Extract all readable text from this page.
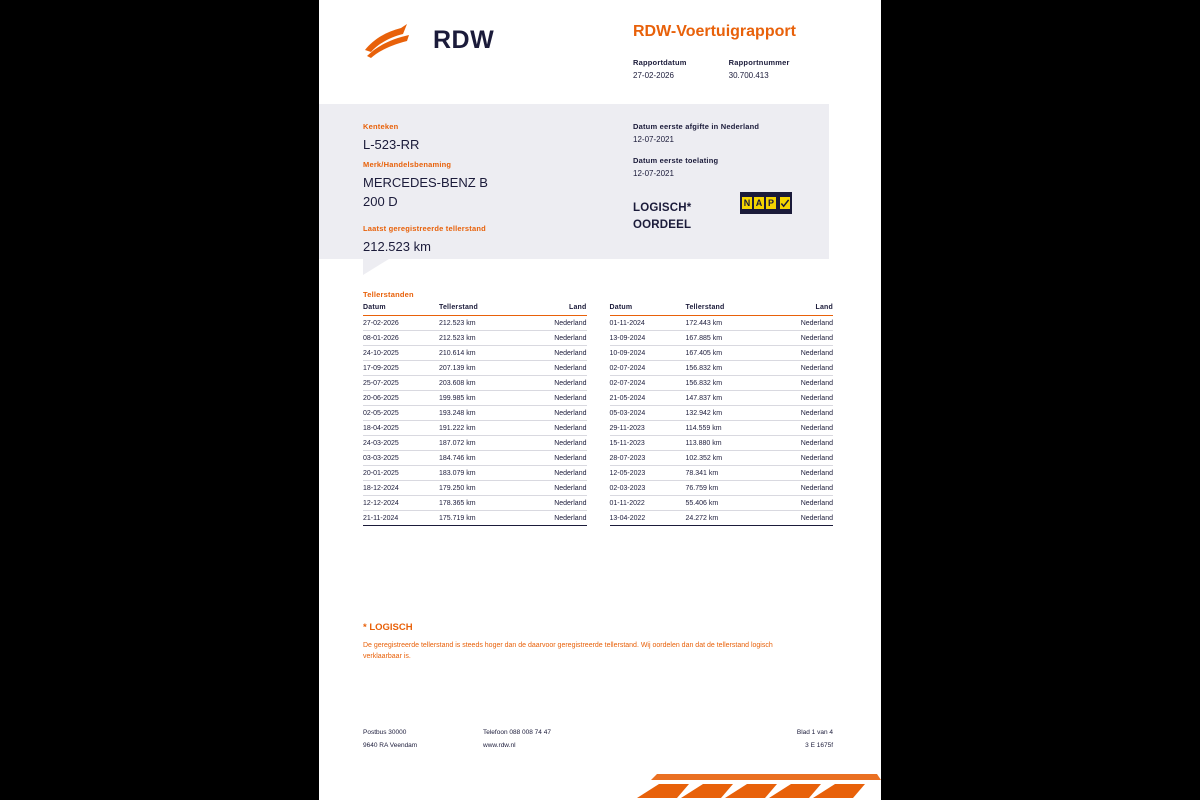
RDW	RDW-Voertuigrapport
Rapportdatum
27-02-2026
Rapportnummer
30.700.413
Kenteken
L-523-RR
Merk/Handelsbenaming
MERCEDES-BENZ B
200 D
Laatst geregistreerde tellerstand
212.523 km
Datum eerste afgifte in Nederland
12-07-2021
Datum eerste toelating
12-07-2021
LOGISCH*
OORDEEL
N A P
Tellerstanden
Datum	Tellerstand	Land
27-02-2026	212.523 km	Nederland
08-01-2026	212.523 km	Nederland
24-10-2025	210.614 km	Nederland
17-09-2025	207.139 km	Nederland
25-07-2025	203.608 km	Nederland
20-06-2025	199.985 km	Nederland
02-05-2025	193.248 km	Nederland
18-04-2025	191.222 km	Nederland
24-03-2025	187.072 km	Nederland
03-03-2025	184.746 km	Nederland
20-01-2025	183.079 km	Nederland
18-12-2024	179.250 km	Nederland
12-12-2024	178.365 km	Nederland
21-11-2024	175.719 km	Nederland
Datum	Tellerstand	Land
01-11-2024	172.443 km	Nederland
13-09-2024	167.885 km	Nederland
10-09-2024	167.405 km	Nederland
02-07-2024	156.832 km	Nederland
02-07-2024	156.832 km	Nederland
21-05-2024	147.837 km	Nederland
05-03-2024	132.942 km	Nederland
29-11-2023	114.559 km	Nederland
15-11-2023	113.880 km	Nederland
28-07-2023	102.352 km	Nederland
12-05-2023	78.341 km	Nederland
02-03-2023	76.759 km	Nederland
01-11-2022	55.406 km	Nederland
13-04-2022	24.272 km	Nederland
* LOGISCH
De geregistreerde tellerstand is steeds hoger dan de daarvoor geregistreerde tellerstand. Wij oordelen dan dat de tellerstand logisch verklaarbaar is.
Postbus 30000
9640 RA Veendam
Telefoon 088 008 74 47
www.rdw.nl
Blad 1 van 4
3 E 1675f
